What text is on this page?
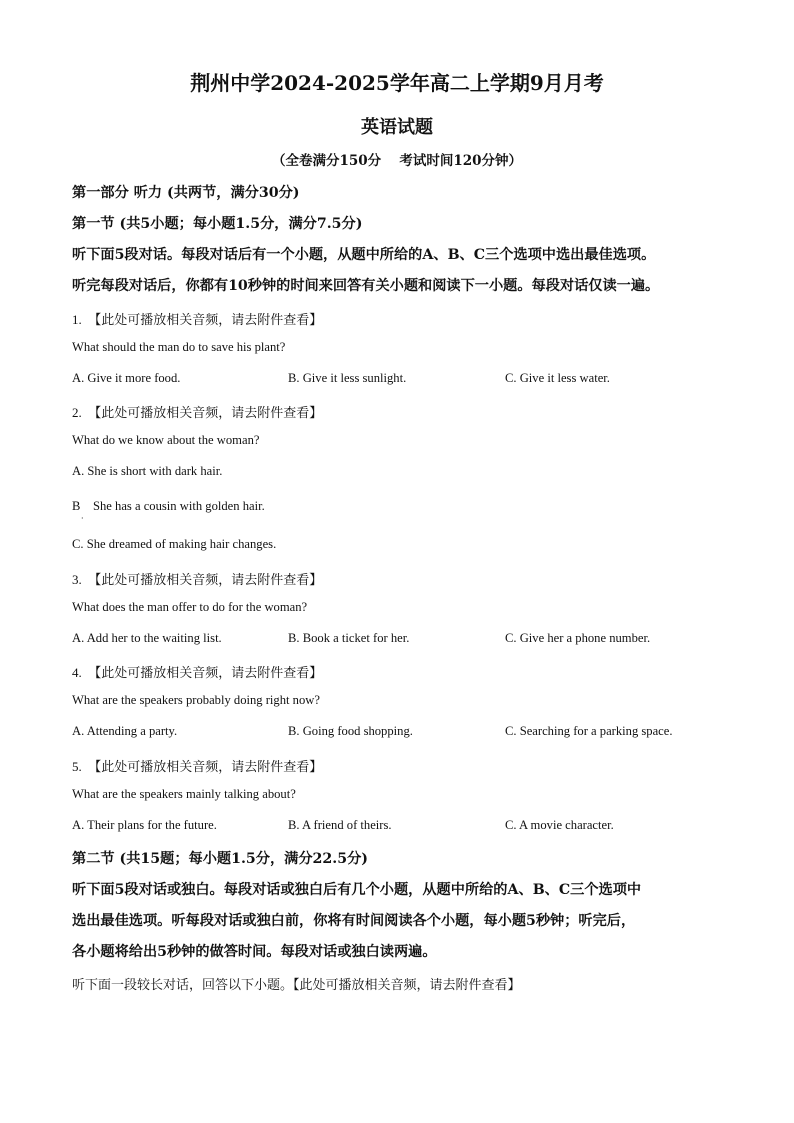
荆州中学2024-2025学年高二上学期9月月考
英语试题
（全卷满分150分　 考试时间120分钟）
第一部分 听力 (共两节，满分30分)
第一节 (共5小题；每小题1.5分，满分7.5分)
听下面5段对话。每段对话后有一个小题，从题中所给的A、B、C三个选项中选出最佳选项。
听完每段对话后，你都有10秒钟的时间来回答有关小题和阅读下一小题。每段对话仅读一遍。
1.　【此处可播放相关音频，请去附件查看】
What should the man do to save his plant?
A. Give it more food.	B. Give it less sunlight.	C. Give it less water.
2.　【此处可播放相关音频，请去附件查看】
What do we know about the woman?
A. She is short with dark hair.
B　She has a cousin with golden hair.
·
C. She dreamed of making hair changes.
3.　【此处可播放相关音频，请去附件查看】
What does the man offer to do for the woman?
A. Add her to the waiting list.	B. Book a ticket for her.	C. Give her a phone number.
4.　【此处可播放相关音频，请去附件查看】
What are the speakers probably doing right now?
A. Attending a party.	B. Going food shopping.	C. Searching for a parking space.
5.　【此处可播放相关音频，请去附件查看】
What are the speakers mainly talking about?
A. Their plans for the future.	B. A friend of theirs.	C. A movie character.
第二节 (共15题；每小题1.5分，满分22.5分)
听下面5段对话或独白。每段对话或独白后有几个小题，从题中所给的A、B、C三个选项中
选出最佳选项。听每段对话或独白前，你将有时间阅读各个小题，每小题5秒钟；听完后，
各小题将给出5秒钟的做答时间。每段对话或独白读两遍。
听下面一段较长对话，回答以下小题。【此处可播放相关音频，请去附件查看】
